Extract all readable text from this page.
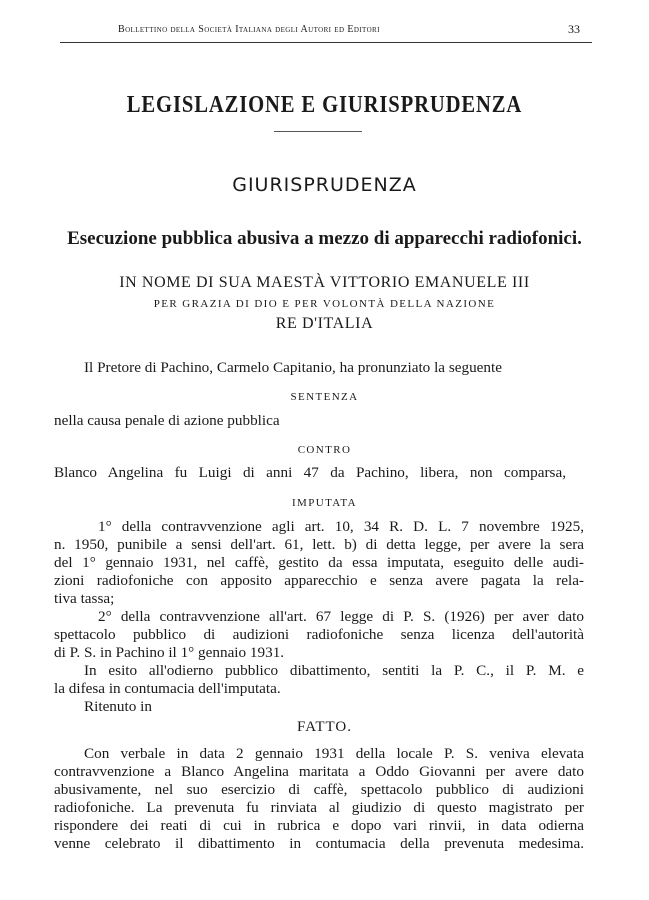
Bollettino della Società Italiana degli Autori ed Editori	33
LEGISLAZIONE E GIURISPRUDENZA
GIURISPRUDENZA
Esecuzione pubblica abusiva a mezzo di apparecchi radiofonici.
IN NOME DI SUA MAESTÀ VITTORIO EMANUELE III
PER GRAZIA DI DIO E PER VOLONTÀ DELLA NAZIONE
RE D'ITALIA
Il Pretore di Pachino, Carmelo Capitanio, ha pronunziato la seguente
SENTENZA
nella causa penale di azione pubblica
CONTRO
Blanco Angelina fu Luigi di anni 47 da Pachino, libera, non comparsa,
IMPUTATA
1° della contravvenzione agli art. 10, 34 R. D. L. 7 novembre 1925,
n. 1950, punibile a sensi dell'art. 61, lett. b) di detta legge, per avere la sera
del 1° gennaio 1931, nel caffè, gestito da essa imputata, eseguito delle audi-
zioni radiofoniche con apposito apparecchio e senza avere pagata la rela-
tiva tassa;
2° della contravvenzione all'art. 67 legge di P. S. (1926) per aver dato
spettacolo pubblico di audizioni radiofoniche senza licenza dell'autorità
di P. S. in Pachino il 1° gennaio 1931.
In esito all'odierno pubblico dibattimento, sentiti la P. C., il P. M. e
la difesa in contumacia dell'imputata.
Ritenuto in
FATTO.
Con verbale in data 2 gennaio 1931 della locale P. S. veniva elevata
contravvenzione a Blanco Angelina maritata a Oddo Giovanni per avere dato
abusivamente, nel suo esercizio di caffè, spettacolo pubblico di audizioni
radiofoniche. La prevenuta fu rinviata al giudizio di questo magistrato per
rispondere dei reati di cui in rubrica e dopo vari rinvii, in data odierna
venne celebrato il dibattimento in contumacia della prevenuta medesima.
